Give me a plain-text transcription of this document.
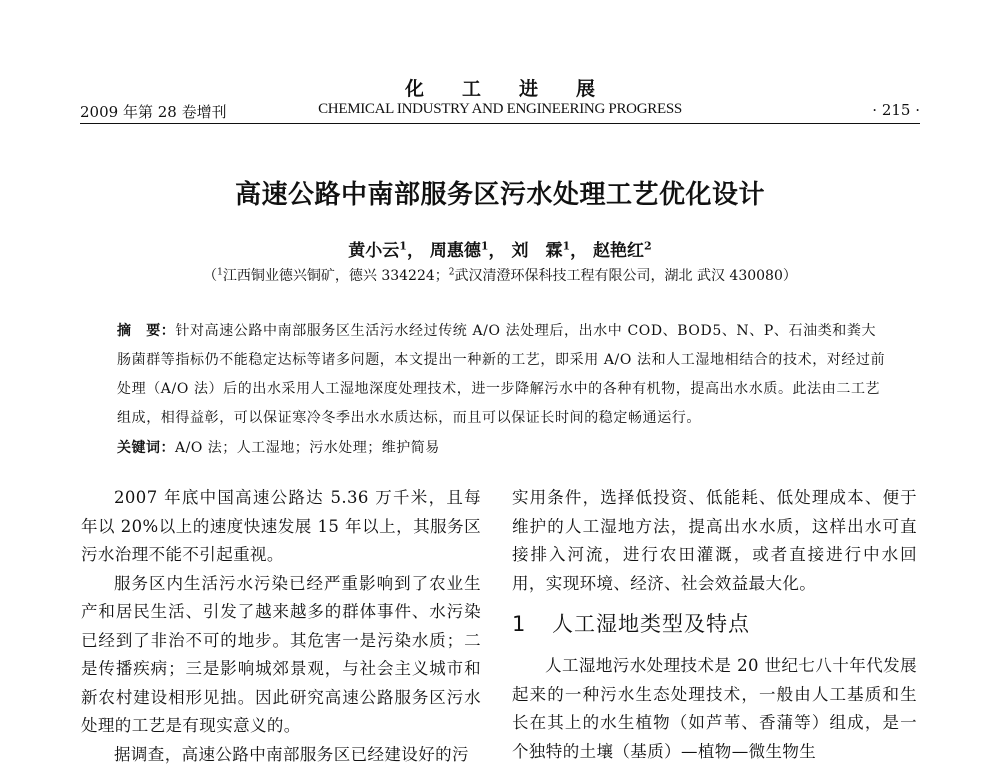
化工进展
2009 年第 28 卷增刊	CHEMICAL INDUSTRY AND ENGINEERING PROGRESS	· 215 ·
高速公路中南部服务区污水处理工艺优化设计
黄小云$^1$， 周惠德$^1$， 刘　霖$^1$， 赵艳红$^2$
（$^1$江西铜业德兴铜矿，德兴 334224；$^2$武汉清澄环保科技工程有限公司，湖北 武汉 430080）
摘　要：针对高速公路中南部服务区生活污水经过传统 A/O 法处理后，出水中 COD、BOD5、N、P、石油类和粪大肠菌群等指标仍不能稳定达标等诸多问题，本文提出一种新的工艺，即采用 A/O 法和人工湿地相结合的技术，对经过前处理（A/O 法）后的出水采用人工湿地深度处理技术，进一步降解污水中的各种有机物，提高出水水质。此法由二工艺组成，相得益彰，可以保证寒冷冬季出水水质达标，而且可以保证长时间的稳定畅通运行。
关键词：A/O 法；人工湿地；污水处理；维护简易

2007 年底中国高速公路达 5.36 万千米，且每年以 20%以上的速度快速发展 15 年以上，其服务区污水治理不能不引起重视。

服务区内生活污水污染已经严重影响到了农业生产和居民生活、引发了越来越多的群体事件、水污染已经到了非治不可的地步。其危害一是污染水质；二是传播疾病；三是影响城郊景观，与社会主义城市和新农村建设相形见拙。因此研究高速公路服务区污水处理的工艺是有现实意义的。

据调查，高速公路中南部服务区已经建设好的污

实用条件，选择低投资、低能耗、低处理成本、便于维护的人工湿地方法，提高出水水质，这样出水可直接排入河流，进行农田灌溉，或者直接进行中水回用，实现环境、经济、社会效益最大化。

1 人工湿地类型及特点

人工湿地污水处理技术是 20 世纪七八十年代发展起来的一种污水生态处理技术，一般由人工基质和生长在其上的水生植物（如芦苇、香蒲等）组成，是一个独特的土壤（基质）—植物—微生物生
